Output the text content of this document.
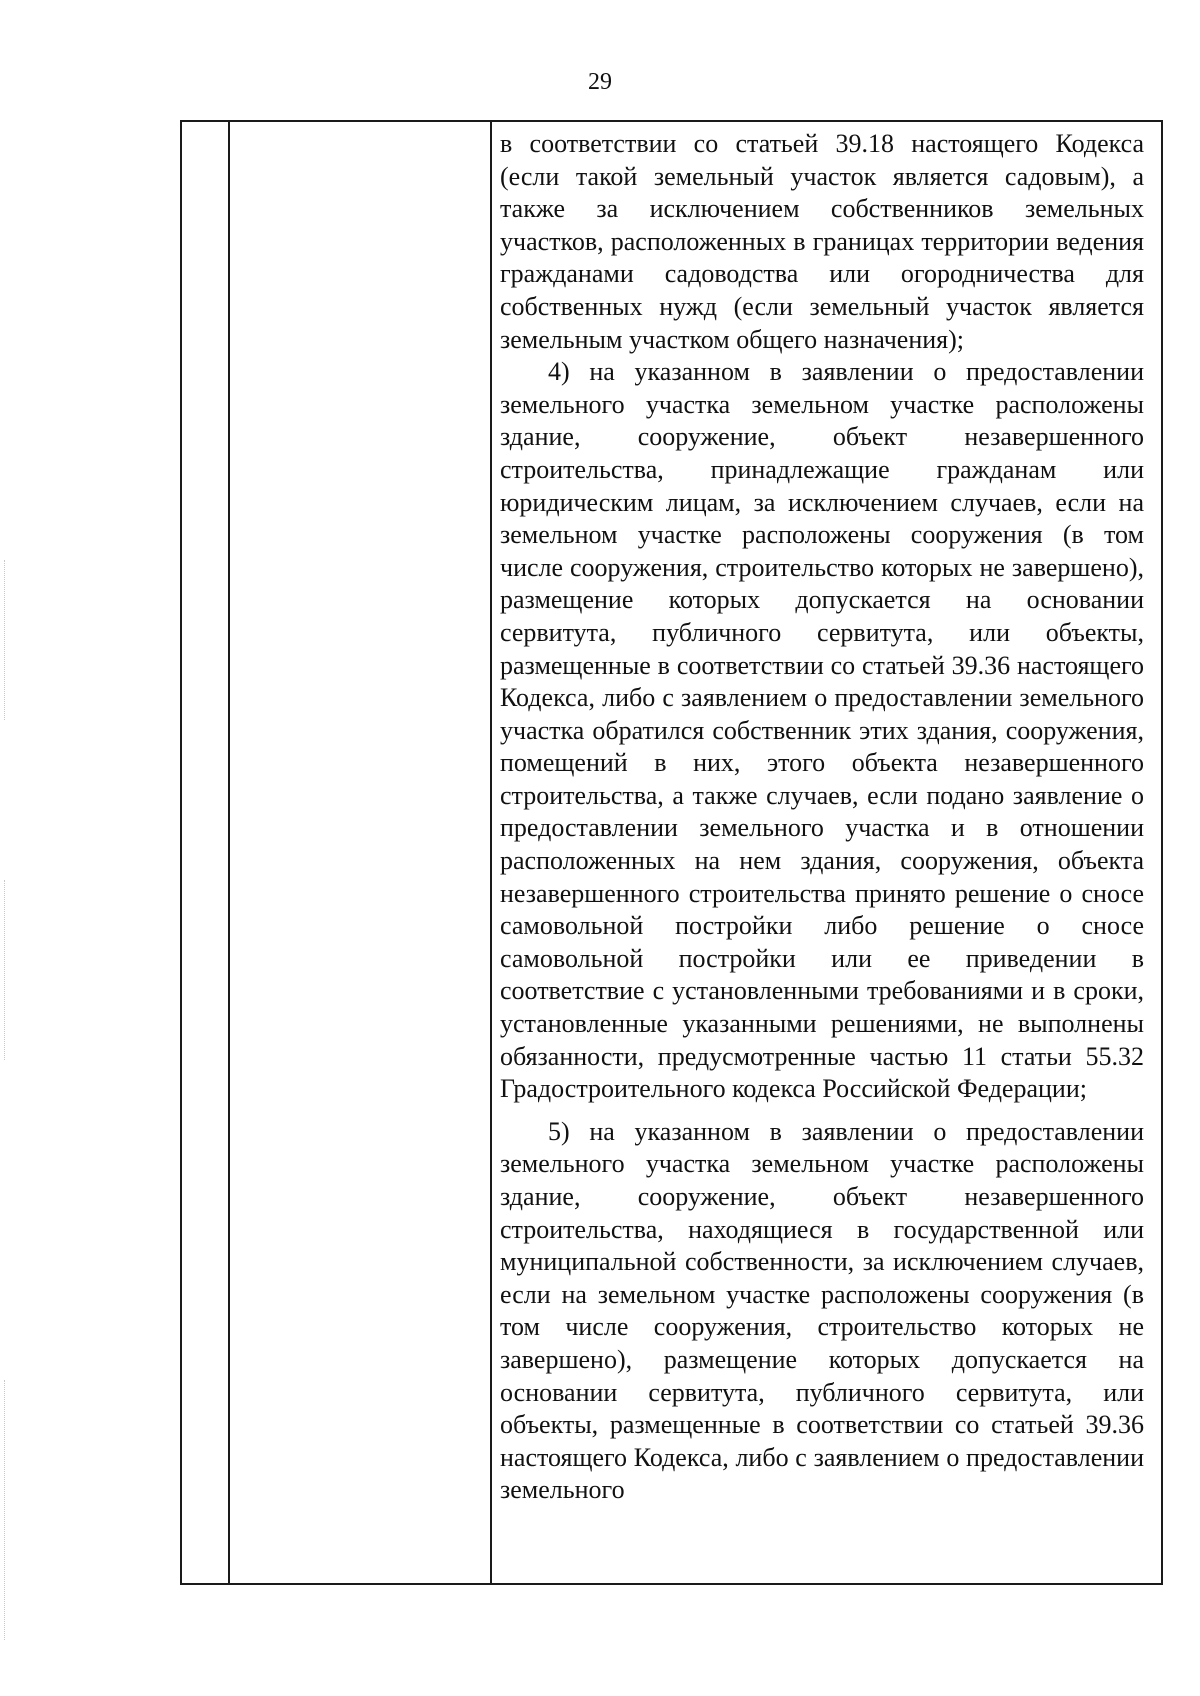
29

в соответствии со статьей 39.18 настоящего Кодекса (если такой земельный участок является садовым), а также за исключением собственников земельных участков, расположенных в границах территории ведения гражданами садоводства или огородничества для собственных нужд (если земельный участок является земельным участком общего назначения);

4) на указанном в заявлении о предоставлении земельного участка земельном участке расположены здание, сооружение, объект незавершенного строительства, принадлежащие гражданам или юридическим лицам, за исключением случаев, если на земельном участке расположены сооружения (в том числе сооружения, строительство которых не завершено), размещение которых допускается на основании сервитута, публичного сервитута, или объекты, размещенные в соответствии со статьей 39.36 настоящего Кодекса, либо с заявлением о предоставлении земельного участка обратился собственник этих здания, сооружения, помещений в них, этого объекта незавершенного строительства, а также случаев, если подано заявление о предоставлении земельного участка и в отношении расположенных на нем здания, сооружения, объекта незавершенного строительства принято решение о сносе самовольной постройки либо решение о сносе самовольной постройки или ее приведении в соответствие с установленными требованиями и в сроки, установленные указанными решениями, не выполнены обязанности, предусмотренные частью 11 статьи 55.32 Градостроительного кодекса Российской Федерации;

5) на указанном в заявлении о предоставлении земельного участка земельном участке расположены здание, сооружение, объект незавершенного строительства, находящиеся в государственной или муниципальной собственности, за исключением случаев, если на земельном участке расположены сооружения (в том числе сооружения, строительство которых не завершено), размещение которых допускается на основании сервитута, публичного сервитута, или объекты, размещенные в соответствии со статьей 39.36 настоящего Кодекса, либо с заявлением о предоставлении земельного
